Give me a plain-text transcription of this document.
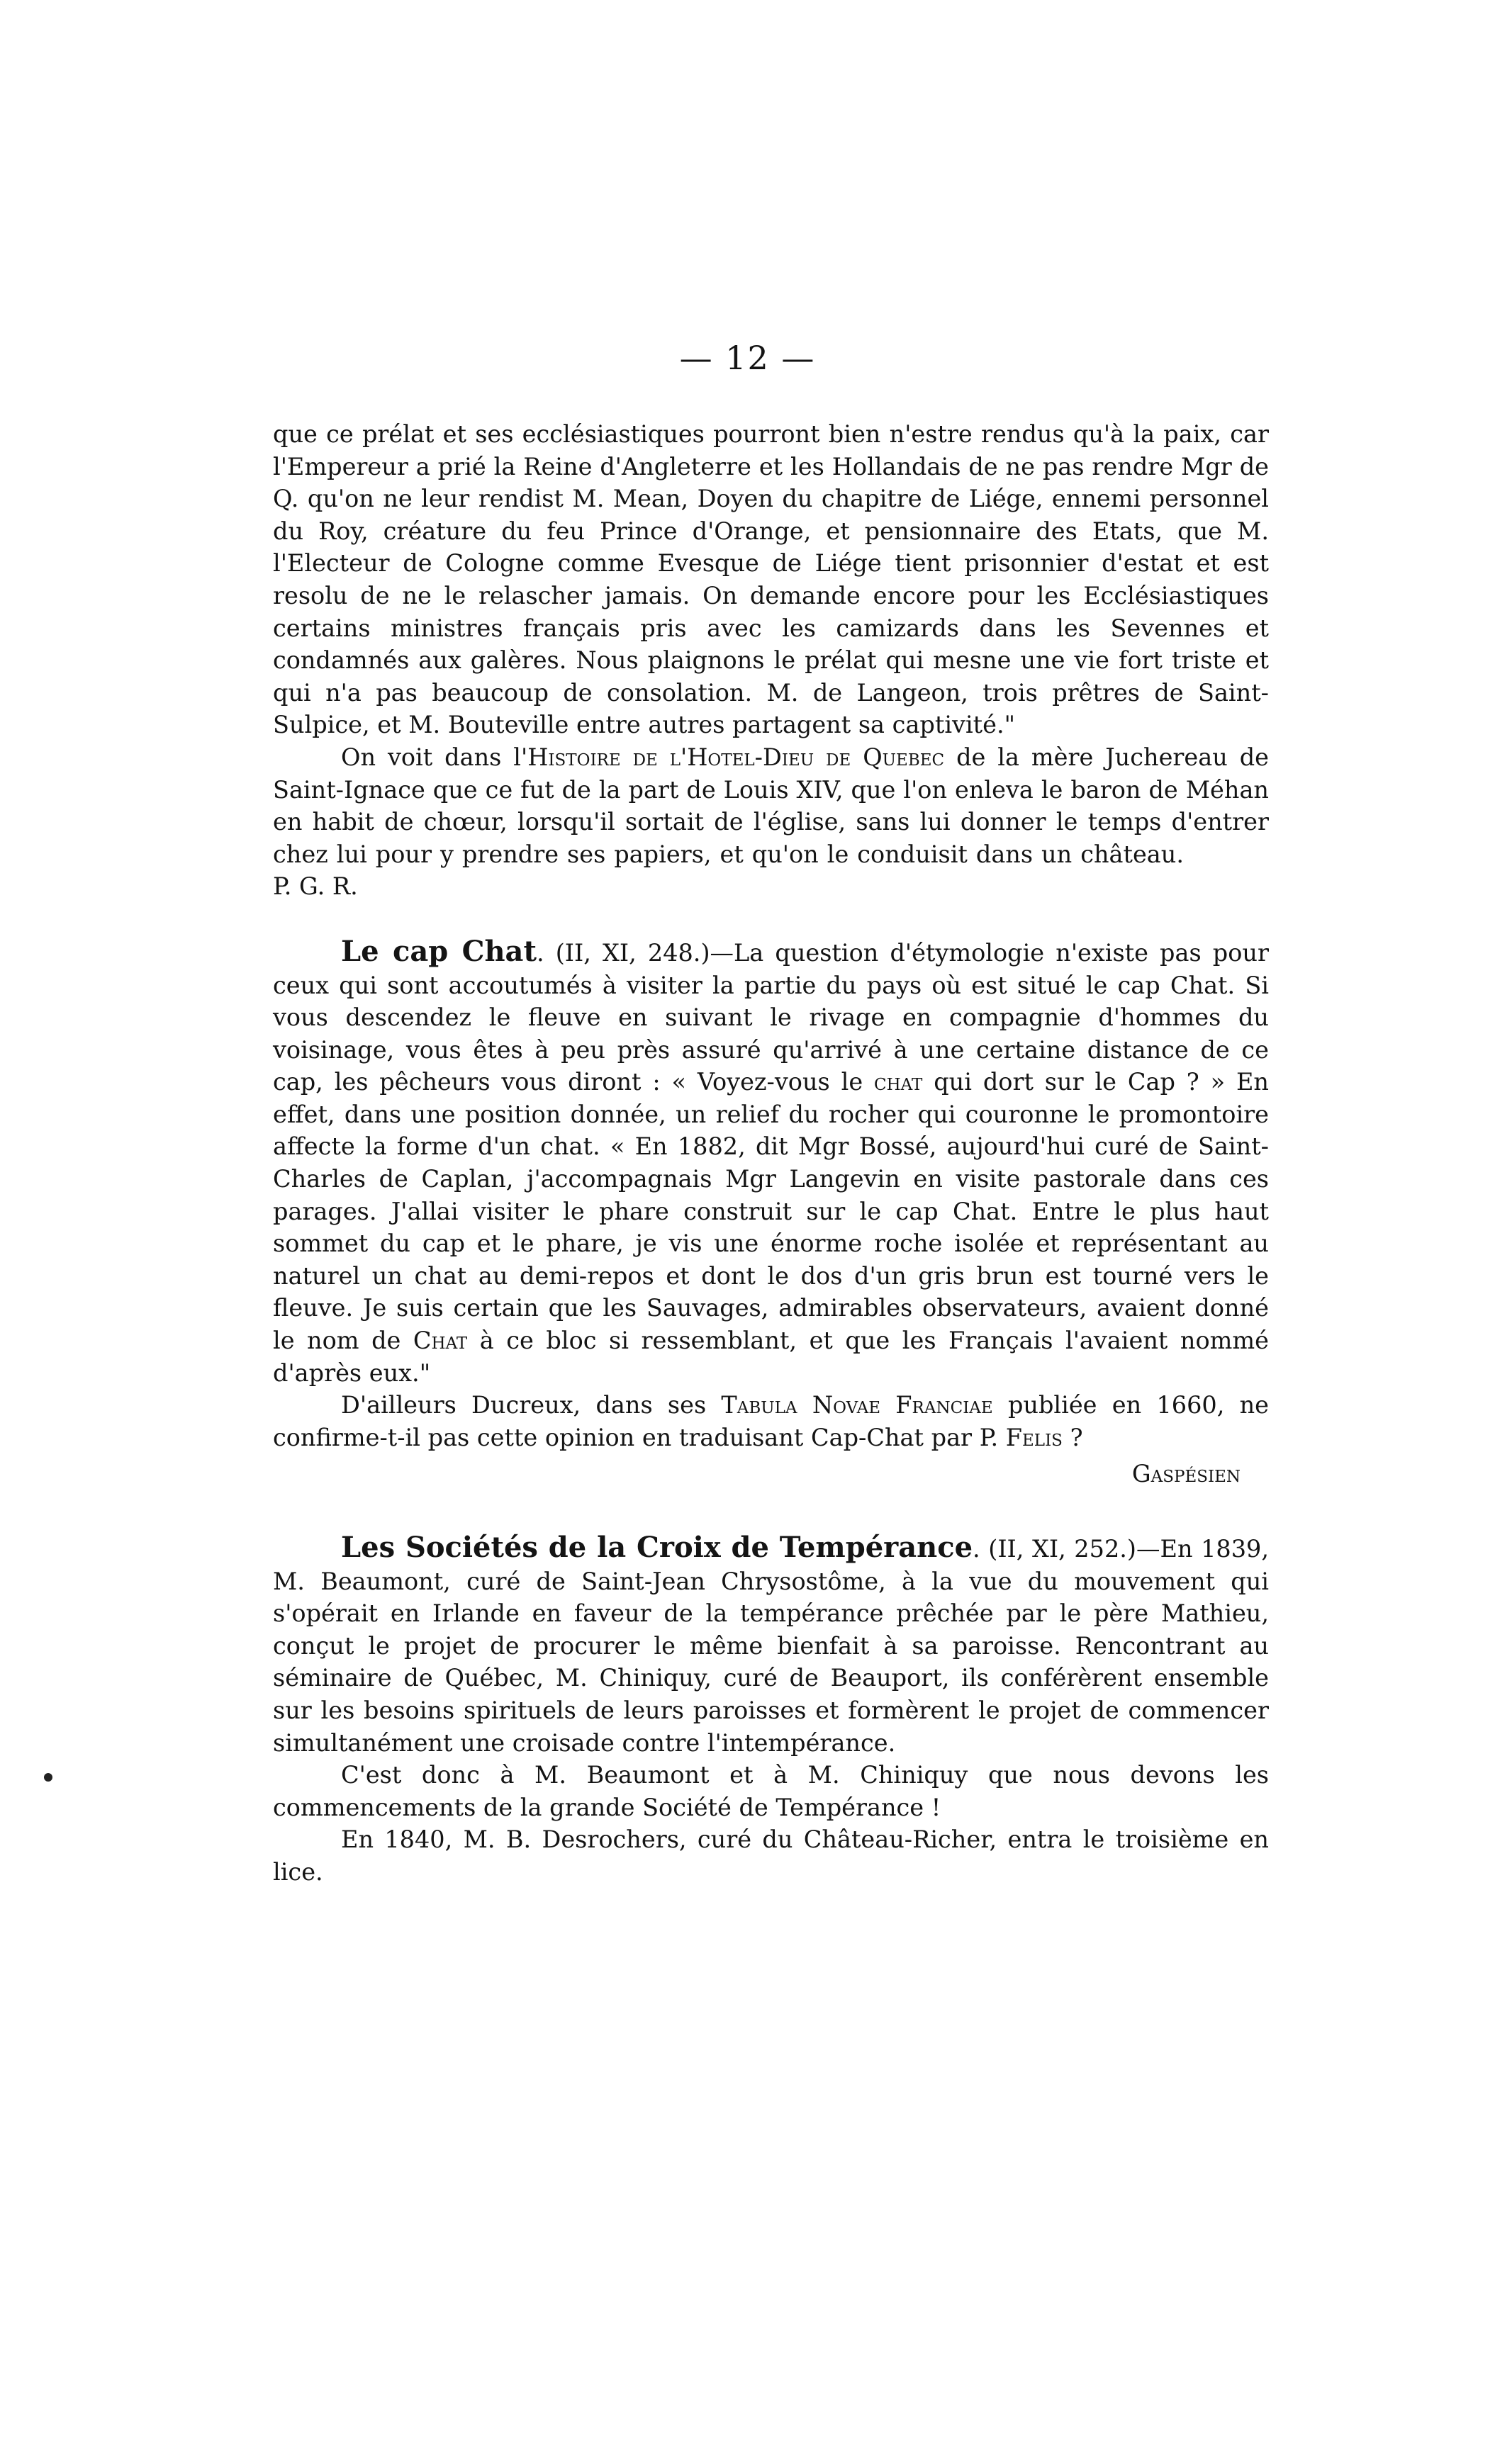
— 12 —

que ce prélat et ses ecclésiastiques pourront bien n'estre rendus qu'à la paix, car l'Empereur a prié la Reine d'Angleterre et les Hollandais de ne pas rendre Mgr de Q. qu'on ne leur rendist M. Mean, Doyen du chapitre de Liége, ennemi personnel du Roy, créature du feu Prince d'Orange, et pensionnaire des Etats, que M. l'Electeur de Cologne comme Evesque de Liége tient prisonnier d'estat et est resolu de ne le relascher jamais. On demande encore pour les Ecclésiastiques certains ministres français pris avec les camizards dans les Sevennes et condamnés aux galères. Nous plaignons le prélat qui mesne une vie fort triste et qui n'a pas beaucoup de consolation. M. de Langeon, trois prêtres de Saint-Sulpice, et M. Bouteville entre autres partagent sa captivité."

On voit dans l'Histoire de l'Hotel-Dieu de Quebec de la mère Juchereau de Saint-Ignace que ce fut de la part de Louis XIV, que l'on enleva le baron de Méhan en habit de chœur, lorsqu'il sortait de l'église, sans lui donner le temps d'entrer chez lui pour y prendre ses papiers, et qu'on le conduisit dans un château.P. G. R.

Le cap Chat. (II, XI, 248.)—La question d'étymologie n'existe pas pour ceux qui sont accoutumés à visiter la partie du pays où est situé le cap Chat. Si vous descendez le fleuve en suivant le rivage en compagnie d'hommes du voisinage, vous êtes à peu près assuré qu'arrivé à une certaine distance de ce cap, les pêcheurs vous diront : « Voyez-vous le chat qui dort sur le Cap ? » En effet, dans une position donnée, un relief du rocher qui couronne le promontoire affecte la forme d'un chat. « En 1882, dit Mgr Bossé, aujourd'hui curé de Saint-Charles de Caplan, j'accompagnais Mgr Langevin en visite pastorale dans ces parages. J'allai visiter le phare construit sur le cap Chat. Entre le plus haut sommet du cap et le phare, je vis une énorme roche isolée et représentant au naturel un chat au demi-repos et dont le dos d'un gris brun est tourné vers le fleuve. Je suis certain que les Sauvages, admirables observateurs, avaient donné le nom de Chat à ce bloc si ressemblant, et que les Français l'avaient nommé d'après eux."

D'ailleurs Ducreux, dans ses Tabula Novae Franciae publiée en 1660, ne confirme-t-il pas cette opinion en traduisant Cap-Chat par P. Felis ?

Gaspésien

Les Sociétés de la Croix de Tempérance. (II, XI, 252.)—En 1839, M. Beaumont, curé de Saint-Jean Chrysostôme, à la vue du mouvement qui s'opérait en Irlande en faveur de la tempérance prêchée par le père Mathieu, conçut le projet de procurer le même bienfait à sa paroisse. Rencontrant au séminaire de Québec, M. Chiniquy, curé de Beauport, ils conférèrent ensemble sur les besoins spirituels de leurs paroisses et formèrent le projet de commencer simultanément une croisade contre l'intempérance.

C'est donc à M. Beaumont et à M. Chiniquy que nous devons les commencements de la grande Société de Tempérance !

En 1840, M. B. Desrochers, curé du Château-Richer, entra le troisième en lice.
